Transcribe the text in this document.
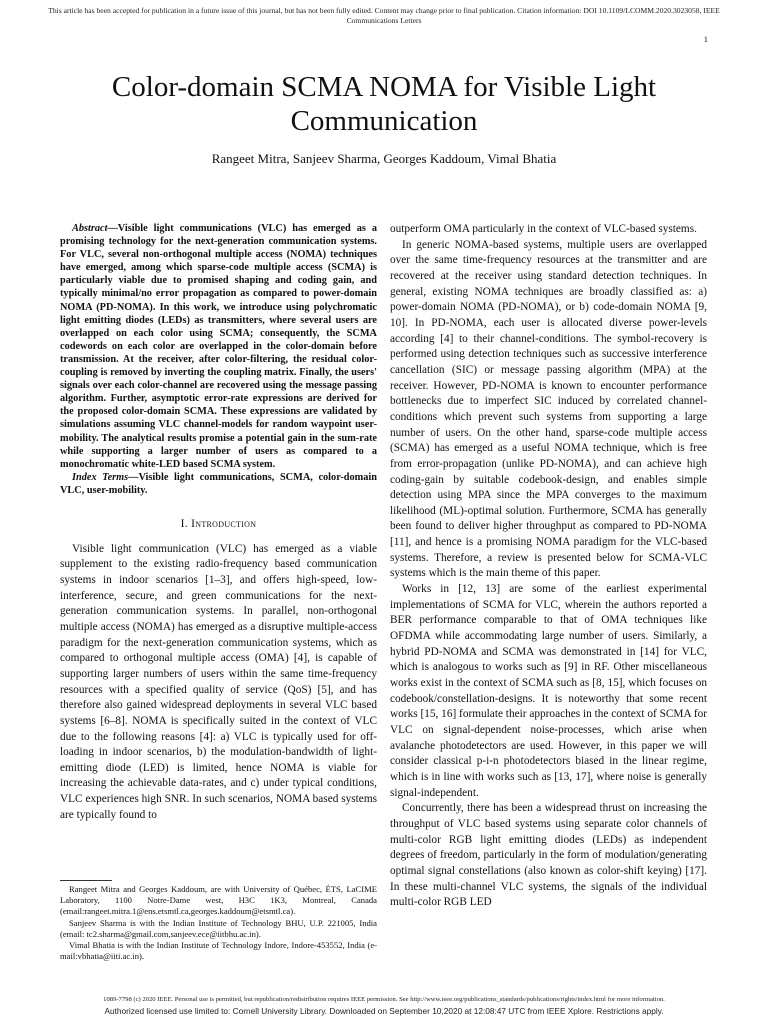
This article has been accepted for publication in a future issue of this journal, but has not been fully edited. Content may change prior to final publication. Citation information: DOI 10.1109/LCOMM.2020.3023058, IEEE Communications Letters
1
Color-domain SCMA NOMA for Visible Light Communication
Rangeet Mitra, Sanjeev Sharma, Georges Kaddoum, Vimal Bhatia

Abstract—Visible light communications (VLC) has emerged as a promising technology for the next-generation communication systems. For VLC, several non-orthogonal multiple access (NOMA) techniques have emerged, among which sparse-code multiple access (SCMA) is particularly viable due to promised shaping and coding gain, and typically minimal/no error propagation as compared to power-domain NOMA (PD-NOMA). In this work, we introduce using polychromatic light emitting diodes (LEDs) as transmitters, where several users are overlapped on each color using SCMA; consequently, the SCMA codewords on each color are overlapped in the color-domain before transmission. At the receiver, after color-filtering, the residual color-coupling is removed by inverting the coupling matrix. Finally, the users' signals over each color-channel are recovered using the message passing algorithm. Further, asymptotic error-rate expressions are derived for the proposed color-domain SCMA. These expressions are validated by simulations assuming VLC channel-models for random waypoint user-mobility. The analytical results promise a potential gain in the sum-rate while supporting a larger number of users as compared to a monochromatic white-LED based SCMA system.

Index Terms—Visible light communications, SCMA, color-domain VLC, user-mobility.

I. Introduction

Visible light communication (VLC) has emerged as a viable supplement to the existing radio-frequency based communication systems in indoor scenarios [1–3], and offers high-speed, low-interference, secure, and green communications for the next-generation communication systems. In parallel, non-orthogonal multiple access (NOMA) has emerged as a disruptive multiple-access paradigm for the next-generation communication systems, which as compared to orthogonal multiple access (OMA) [4], is capable of supporting larger numbers of users within the same time-frequency resources with a specified quality of service (QoS) [5], and has therefore also gained widespread deployments in several VLC based systems [6–8]. NOMA is specifically suited in the context of VLC due to the following reasons [4]: a) VLC is typically used for off-loading in indoor scenarios, b) the modulation-bandwidth of light-emitting diode (LED) is limited, hence NOMA is viable for increasing the achievable data-rates, and c) under typical conditions, VLC experiences high SNR. In such scenarios, NOMA based systems are typically found to

outperform OMA particularly in the context of VLC-based systems.

In generic NOMA-based systems, multiple users are overlapped over the same time-frequency resources at the transmitter and are recovered at the receiver using standard detection techniques. In general, existing NOMA techniques are broadly classified as: a) power-domain NOMA (PD-NOMA), or b) code-domain NOMA [9, 10]. In PD-NOMA, each user is allocated diverse power-levels according [4] to their channel-conditions. The symbol-recovery is performed using detection techniques such as successive interference cancellation (SIC) or message passing algorithm (MPA) at the receiver. However, PD-NOMA is known to encounter performance bottlenecks due to imperfect SIC induced by correlated channel-conditions which prevent such systems from supporting a large number of users. On the other hand, sparse-code multiple access (SCMA) has emerged as a useful NOMA technique, which is free from error-propagation (unlike PD-NOMA), and can achieve high coding-gain by suitable codebook-design, and enables simple detection using MPA since the MPA converges to the maximum likelihood (ML)-optimal solution. Furthermore, SCMA has generally been found to deliver higher throughput as compared to PD-NOMA [11], and hence is a promising NOMA paradigm for the VLC-based systems. Therefore, a review is presented below for SCMA-VLC systems which is the main theme of this paper.

Works in [12, 13] are some of the earliest experimental implementations of SCMA for VLC, wherein the authors reported a BER performance comparable to that of OMA techniques like OFDMA while accommodating large number of users. Similarly, a hybrid PD-NOMA and SCMA was demonstrated in [14] for VLC, which is analogous to works such as [9] in RF. Other miscellaneous works exist in the context of SCMA such as [8, 15], which focuses on codebook/constellation-designs. It is noteworthy that some recent works [15, 16] formulate their approaches in the context of SCMA for VLC on signal-dependent noise-processes, which arise when avalanche photodetectors are used. However, in this paper we will consider classical p-i-n photodetectors biased in the linear regime, which is in line with works such as [13, 17], where noise is generally signal-independent.

Concurrently, there has been a widespread thrust on increasing the throughput of VLC based systems using separate color channels of multi-color RGB light emitting diodes (LEDs) as independent degrees of freedom, particularly in the form of modulation/generating optimal signal constellations (also known as color-shift keying) [17]. In these multi-channel VLC systems, the signals of the individual multi-color RGB LED

Rangeet Mitra and Georges Kaddoum, are with University of Québec, ÉTS, LaCIME Laboratory, 1100 Notre-Dame west, H3C 1K3, Montreal, Canada (email:rangeet.mitra.1@ens.etsmtl.ca,georges.kaddoum@etsmtl.ca).

Sanjeev Sharma is with the Indian Institute of Technology BHU, U.P. 221005, India (email: tc2.sharma@gmail.com,sanjeev.ece@iitbhu.ac.in).

Vimal Bhatia is with the Indian Institute of Technology Indore, Indore-453552, India (e-mail:vbhatia@iiti.ac.in).

1089-7798 (c) 2020 IEEE. Personal use is permitted, but republication/redistribution requires IEEE permission. See http://www.ieee.org/publications_standards/publications/rights/index.html for more information.
Authorized licensed use limited to: Cornell University Library. Downloaded on September 10,2020 at 12:08:47 UTC from IEEE Xplore. Restrictions apply.
